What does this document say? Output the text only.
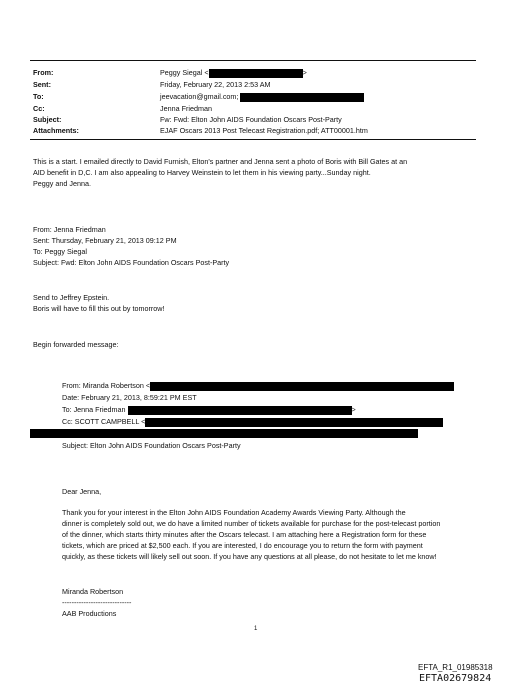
From:	Peggy Siegal <	>
Sent:	Friday, February 22, 2013 2:53 AM
To:	jeevacation@gmail.com;
Cc:	Jenna Friedman
Subject:	Fw: Fwd: Elton John AIDS Foundation Oscars Post-Party
Attachments:	EJAF Oscars 2013 Post Telecast Registration.pdf; ATT00001.htm
This is a start. I emailed directly to David Furnish, Elton's partner and Jenna sent a photo of Boris with Bill Gates at an
AID benefit in D,C. I am also appealing to Harvey Weinstein to let them in his viewing party...Sunday night.
Peggy and Jenna.
From: Jenna Friedman
Sent: Thursday, February 21, 2013 09:12 PM
To: Peggy Siegal
Subject: Fwd: Elton John AIDS Foundation Oscars Post-Party
Send to Jeffrey Epstein.
Boris will have to fill this out by tomorrow!
Begin forwarded message:
From: Miranda Robertson <
Date: February 21, 2013, 8:59:21 PM EST
To: Jenna Friedman	>
Cc: SCOTT CAMPBELL <
Subject: Elton John AIDS Foundation Oscars Post-Party
Dear Jenna,
Thank you for your interest in the Elton John AIDS Foundation Academy Awards Viewing Party. Although the
dinner is completely sold out, we do have a limited number of tickets available for purchase for the post-telecast portion
of the dinner, which starts thirty minutes after the Oscars telecast. I am attaching here a Registration form for these
tickets, which are priced at $2,500 each. If you are interested, I do encourage you to return the form with payment
quickly, as these tickets will likely sell out soon. If you have any questions at all please, do not hesitate to let me know!
Miranda Robertson
-----------------------------
AAB Productions
1
EFTA_R1_01985318
EFTA02679824
